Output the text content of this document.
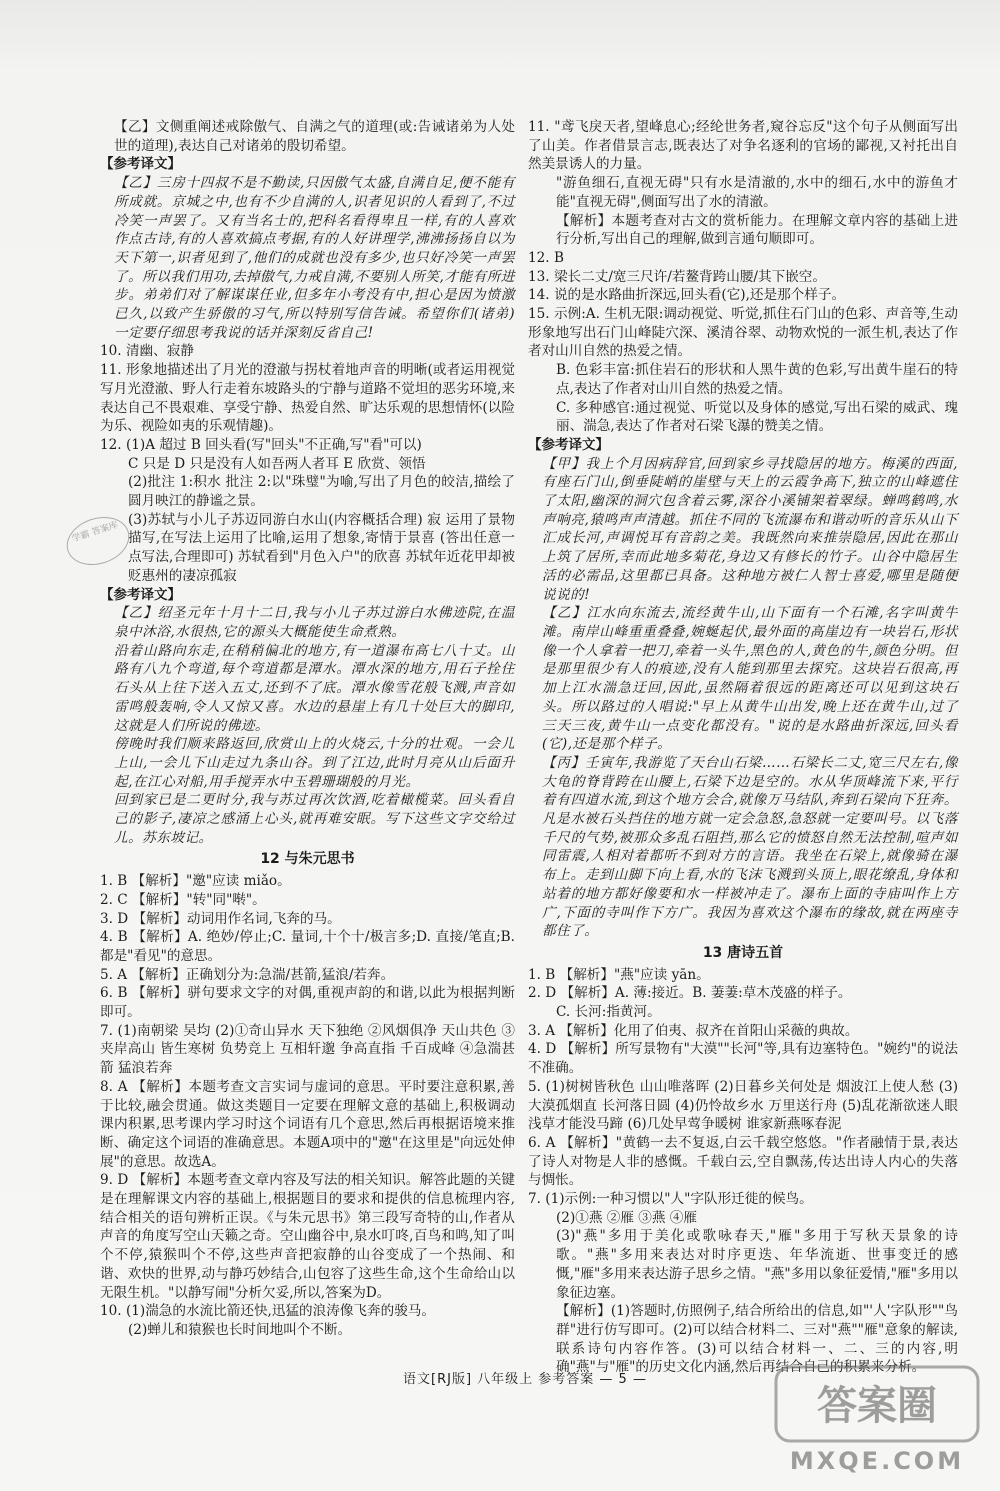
【乙】文侧重阐述戒除傲气、自满之气的道理(或:告诫诸弟为人处世的道理),表达自己对诸弟的殷切希望。

【参考译文】

【乙】三房十四叔不是不勤读,只因傲气太盛,自满自足,便不能有所成就。京城之中,也有不少自满的人,识者见识的人看到了,不过冷笑一声罢了。又有当名士的,把科名看得卑且一样,有的人喜欢作点古诗,有的人喜欢搞点考据,有的人好讲理学,沸沸扬扬自以为天下第一,识者见到了,他们的成就也没有多少,也只好冷笑一声罢了。所以我们用功,去掉傲气,力戒自满,不要别人所笑,才能有所进步。弟弟们对了解谋谋任业,但多年小考没有中,担心是因为愤激已久,以致产生骄傲的习气,所以特别写信告诫。希望你们(诸弟)一定要仔细思考我说的话并深刻反省自己!

10. 清幽、寂静

11. 形象地描述出了月光的澄澈与拐杖着地声音的明晰(或者运用视觉写月光澄澈、野人行走着东坡路头的宁静与道路不觉坦的恶劣环境,来表达自己不畏艰难、享受宁静、热爱自然、旷达乐观的思想情怀(以险为乐、视险如夷的乐观情趣)。

12. (1)A 超过 B 回头看(写"回头"不正确,写"看"可以)

C 只是 D 只是没有人如吾两人者耳 E 欣赏、领悟

(2)批注 1:积水 批注 2:以"珠璧"为喻,写出了月色的皎洁,描绘了圆月映江的静谧之景。

(3)苏轼与小儿子苏迈同游白水山(内容概括合理) 寂 运用了景物描写,在写法上运用了比喻,运用了想象,寄情于景喜 (答出任意一点写法,合理即可) 苏轼看到"月色入户"的欣喜 苏轼年近花甲却被贬惠州的凄凉孤寂

【参考译文】

【乙】绍圣元年十月十二日,我与小儿子苏过游白水佛迹院,在温泉中沐浴,水很热,它的源头大概能使生命煮熟。

沿着山路向东走,在稍稍偏北的地方,有一道瀑布高七八十丈。山路有八九个弯道,每个弯道都是潭水。潭水深的地方,用石子拴住石头从上往下送入五丈,还到不了底。潭水像雪花般飞溅,声音如雷鸣般轰响,令人又惊又喜。水边的悬崖上有几十处巨大的脚印,这就是人们所说的佛迹。

傍晚时我们顺来路返回,欣赏山上的火烧云,十分的壮观。一会儿上山,一会儿下山走过九条山谷。到了江边,此时月亮从山后面升起,在江心对船,用手搅弄水中玉碧珊瑚般的月光。

回到家已是二更时分,我与苏过再次饮酒,吃着橄榄菜。回头看自己的影子,凄凉之感涌上心头,就再难安眠。写下这些文字交给过儿。苏东坡记。

12 与朱元思书

1. B 【解析】"邀"应读 miǎo。

2. C 【解析】"转"同"啭"。

3. D 【解析】动词用作名词,飞奔的马。

4. B 【解析】A. 绝妙/停止;C. 量词,十个十/极言多;D. 直接/笔直;B. 都是"看见"的意思。

5. A 【解析】正确划分为:急湍/甚箭,猛浪/若奔。

6. B 【解析】骈句要求文字的对偶,重视声韵的和谐,以此为根据判断即可。

7. (1)南朝梁 吴均 (2)①奇山异水 天下独绝 ②风烟俱净 天山共色 ③夹岸高山 皆生寒树 负势竞上 互相轩邈 争高直指 千百成峰 ④急湍甚箭 猛浪若奔

8. A 【解析】本题考查文言实词与虚词的意思。平时要注意积累,善于比较,融会贯通。做这类题目一定要在理解文意的基础上,积极调动课内积累,思考课内学习时这个词语有几个意思,然后再根据语境来推断、确定这个词语的准确意思。本题A项中的"邀"在这里是"向远处伸展"的意思。故选A。

9. D 【解析】本题考查文章内容及写法的相关知识。解答此题的关键是在理解课文内容的基础上,根据题目的要求和提供的信息梳理内容,结合相关的语句辨析正误。《与朱元思书》第三段写奇特的山,作者从声音的角度写空山天籁之奇。空山幽谷中,泉水叮咚,百鸟和鸣,知了叫个不停,猿猴叫个不停,这些声音把寂静的山谷变成了一个热闹、和谐、欢快的世界,动与静巧妙结合,山包容了这些生命,这个生命给山以无限生机。"以静写闹"分析欠妥,所以,答案为D。

10. (1)湍急的水流比箭还快,迅猛的浪涛像飞奔的骏马。

(2)蝉儿和猿猴也长时间地叫个不断。

11. "鸢飞戾天者,望峰息心;经纶世务者,窥谷忘反"这个句子从侧面写出了山美。作者借景言志,既表达了对争名逐利的官场的鄙视,又衬托出自然美景诱人的力量。

"游鱼细石,直视无碍"只有水是清澈的,水中的细石,水中的游鱼才能"直视无碍",侧面写出了水的清澈。

【解析】本题考查对古文的赏析能力。在理解文章内容的基础上进行分析,写出自己的理解,做到言通句顺即可。

12. B

13. 梁长二丈/宽三尺许/若鳌背跨山腰/其下嵌空。

14. 说的是水路曲折深远,回头看(它),还是那个样子。

15. 示例:A. 生机无限:调动视觉、听觉,抓住石门山的色彩、声音等,生动形象地写出石门山峰陡穴深、溪清谷翠、动物欢悦的一派生机,表达了作者对山川自然的热爱之情。

B. 色彩丰富:抓住岩石的形状和人黑牛黄的色彩,写出黄牛崖石的特点,表达了作者对山川自然的热爱之情。

C. 多种感官:通过视觉、听觉以及身体的感觉,写出石梁的威武、瑰丽、湍急,表达了作者对石梁飞瀑的赞美之情。

【参考译文】

【甲】我上个月因病辞官,回到家乡寻找隐居的地方。梅溪的西面,有座石门山,倒垂陡峭的崖壁与天上的云霞争高下,独立的山峰遮住了太阳,幽深的洞穴包含着云雾,深谷小溪铺架着翠绿。蝉鸣鹤鸣,水声响亮,猿鸣声声清越。抓住不同的飞流瀑布和谐动听的音乐从山下汇成长河,声调悦耳有音韵之美。我既然向来推崇隐居,因此在那山上筑了居所,幸而此地多菊花,身边又有修长的竹子。山谷中隐居生活的必需品,这里都已具备。这种地方被仁人智士喜爱,哪里是随便说说的!

【乙】江水向东流去,流经黄牛山,山下面有一个石滩,名字叫黄牛滩。南岸山峰重重叠叠,婉蜒起伏,最外面的高崖边有一块岩石,形状像一个人拿着一把刀,牵着一头牛,黑色的人,黄色的牛,颜色分明。但是那里很少有人的痕迹,没有人能到那里去探究。这块岩石很高,再加上江水湍急迂回,因此,虽然隔着很远的距离还可以见到这块石头。所以路过的人唱说:"早上从黄牛山出发,晚上还在黄牛山,过了三天三夜,黄牛山一点变化都没有。"说的是水路曲折深远,回头看(它),还是那个样子。

【丙】壬寅年,我游览了天台山石梁……石梁长二丈,宽三尺左右,像大龟的脊背跨在山腰上,石梁下边是空的。水从华顶峰流下来,平行着有四道水流,到这个地方会合,就像万马结队,奔到石梁向下狂奔。凡是水被石头挡住的地方就一定会急怒,急怒就一定要叫号。以飞落千尺的气势,被那众多乱石阻挡,那么它的愤怒自然无法控制,喧声如同雷震,人相对着都听不到对方的言语。我坐在石梁上,就像骑在瀑布上。走到山脚下向上看,水的飞沫飞溅到头顶上,眼花缭乱,身体和站着的地方都好像要和水一样被冲走了。瀑布上面的寺庙叫作上方广,下面的寺叫作下方广。我因为喜欢这个瀑布的缘故,就在两座寺都住了。

13 唐诗五首

1. B 【解析】"燕"应读 yān。

2. D 【解析】A. 薄:接近。B. 萋萋:草木茂盛的样子。

C. 长河:指黄河。

3. A 【解析】化用了伯夷、叔齐在首阳山采薇的典故。

4. D 【解析】所写景物有"大漠""长河"等,具有边塞特色。"婉约"的说法不准确。

5. (1)树树皆秋色 山山唯落晖 (2)日暮乡关何处是 烟波江上使人愁 (3)大漠孤烟直 长河落日圆 (4)仍怜故乡水 万里送行舟 (5)乱花渐欲迷人眼 浅草才能没马蹄 (6)几处早莺争暖树 谁家新燕啄春泥

6. A 【解析】"黄鹤一去不复返,白云千载空悠悠。"作者融情于景,表达了诗人对物是人非的感慨。千载白云,空自飘荡,传达出诗人内心的失落与惆怅。

7. (1)示例:一种习惯以"人"字队形迁徙的候鸟。

(2)①燕 ②雁 ③燕 ④雁

(3)"燕"多用于美化或歌咏春天,"雁"多用于写秋天景象的诗歌。"燕"多用来表达对时序更迭、年华流逝、世事变迁的感慨,"雁"多用来表达游子思乡之情。"燕"多用以象征爱情,"雁"多用以象征边塞。

【解析】(1)答题时,仿照例子,结合所给出的信息,如"'人'字队形""鸟群"进行仿写即可。(2)可以结合材料二、三对"燕""雁"意象的解读,联系诗句内容作答。(3)可以结合材料一、二、三的内容,明确"燕"与"雁"的历史文化内涵,然后再结合自己的积累来分析。

学霸 答案库
语文[RJ版] 八年级上 参考答案 — 5 —
答案圈
MXQE.COM
